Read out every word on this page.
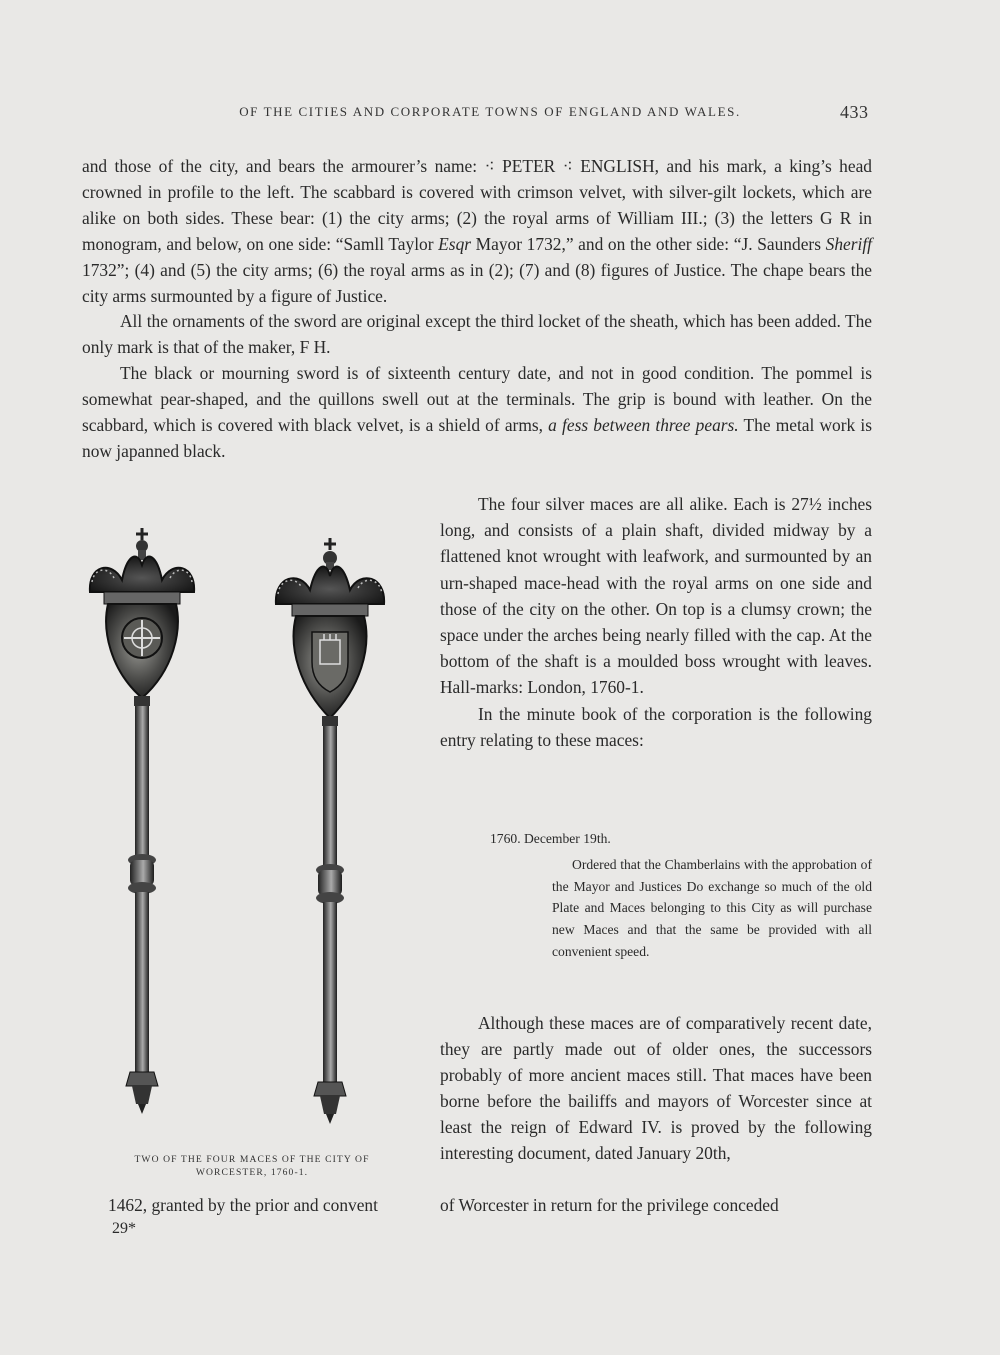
OF THE CITIES AND CORPORATE TOWNS OF ENGLAND AND WALES.	433

and those of the city, and bears the armourer’s name: ⁖ PETER ⁖ ENGLISH, and his mark, a king’s head crowned in profile to the left. The scabbard is covered with crimson velvet, with silver-gilt lockets, which are alike on both sides. These bear: (1) the city arms; (2) the royal arms of William III.; (3) the letters G R in monogram, and below, on one side: “Samll Taylor Esqr Mayor 1732,” and on the other side: “J. Saunders Sheriff 1732”; (4) and (5) the city arms; (6) the royal arms as in (2); (7) and (8) figures of Justice. The chape bears the city arms surmounted by a figure of Justice.

All the ornaments of the sword are original except the third locket of the sheath, which has been added. The only mark is that of the maker, F H.

The black or mourning sword is of sixteenth century date, and not in good condition. The pommel is somewhat pear-shaped, and the quillons swell out at the terminals. The grip is bound with leather. On the scabbard, which is covered with black velvet, is a shield of arms, a fess between three pears. The metal work is now japanned black.

The four silver maces are all alike. Each is 27½ inches long, and consists of a plain shaft, divided midway by a flattened knot wrought with leafwork, and surmounted by an urn-shaped mace-head with the royal arms on one side and those of the city on the other. On top is a clumsy crown; the space under the arches being nearly filled with the cap. At the bottom of the shaft is a moulded boss wrought with leaves. Hall-marks: London, 1760-1.

In the minute book of the corporation is the following entry relating to these maces:

1760. December 19th.
Ordered that the Chamberlains with the approbation of the Mayor and Justices Do exchange so much of the old Plate and Maces belonging to this City as will purchase new Maces and that the same be provided with all convenient speed.

Although these maces are of comparatively recent date, they are partly made out of older ones, the successors probably of more ancient maces still. That maces have been borne before the bailiffs and mayors of Worcester since at least the reign of Edward IV. is proved by the following interesting document, dated January 20th,

TWO OF THE FOUR MACES OF THE CITY OF
WORCESTER, 1760-1.
1462, granted by the prior and convent	of Worcester in return for the privilege conceded
29*
